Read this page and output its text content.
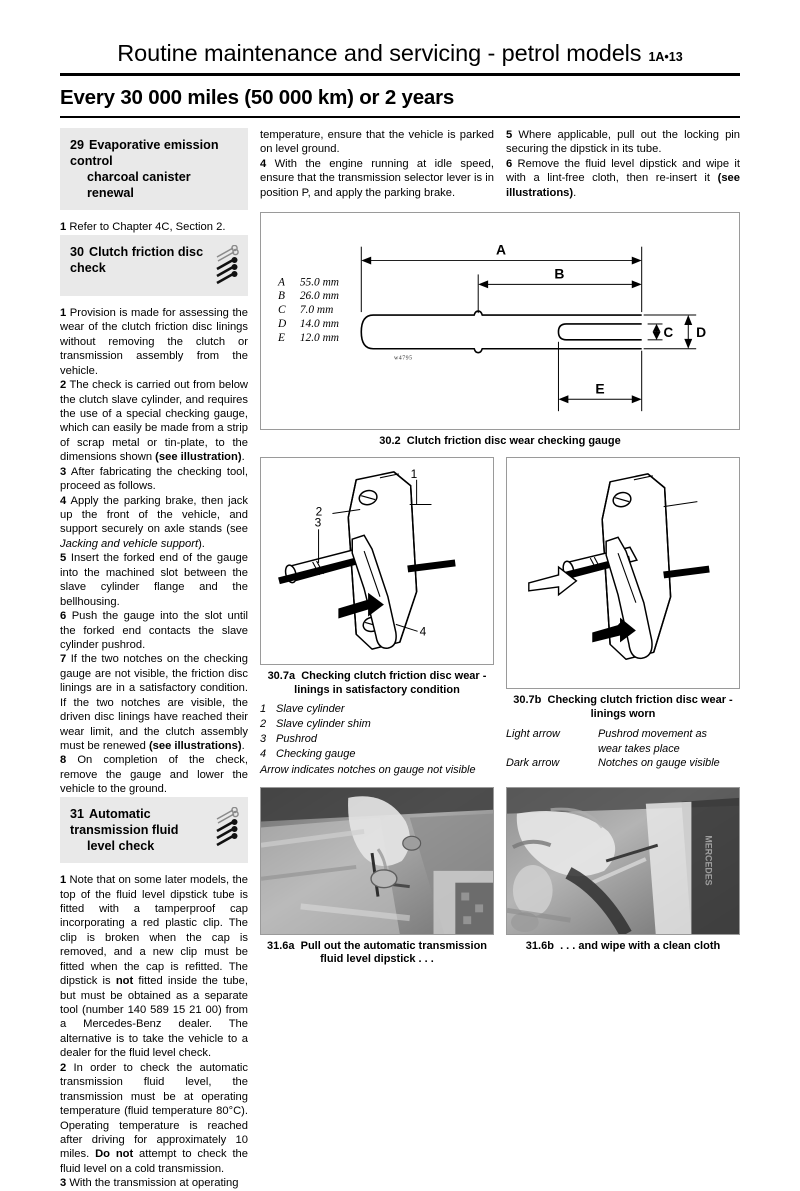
Routine maintenance and servicing - petrol models 1A•13
Every 30 000 miles (50 000 km) or 2 years
29 Evaporative emission control
charcoal canister renewal

1 Refer to Chapter 4C, Section 2.

30 Clutch friction disc check

1 Provision is made for assessing the wear of the clutch friction disc linings without removing the clutch or transmission assembly from the vehicle.

2 The check is carried out from below the clutch slave cylinder, and requires the use of a special checking gauge, which can easily be made from a strip of scrap metal or tin-plate, to the dimensions shown (see illustration).

3 After fabricating the checking tool, proceed as follows.

4 Apply the parking brake, then jack up the front of the vehicle, and support securely on axle stands (see Jacking and vehicle support).

5 Insert the forked end of the gauge into the machined slot between the slave cylinder flange and the bellhousing.

6 Push the gauge into the slot until the forked end contacts the slave cylinder pushrod.

7 If the two notches on the checking gauge are not visible, the friction disc linings are in a satisfactory condition. If the two notches are visible, the driven disc linings have reached their wear limit, and the clutch assembly must be renewed (see illustrations).

8 On completion of the check, remove the gauge and lower the vehicle to the ground.

31 Automatic transmission fluid
level check

1 Note that on some later models, the top of the fluid level dipstick tube is fitted with a tamperproof cap incorporating a red plastic clip. The clip is broken when the cap is removed, and a new clip must be fitted when the cap is refitted. The dipstick is not fitted inside the tube, but must be obtained as a separate tool (number 140 589 15 21 00) from a Mercedes-Benz dealer. The alternative is to take the vehicle to a dealer for the fluid level check.

2 In order to check the automatic transmission fluid level, the transmission must be at operating temperature (fluid temperature 80°C). Operating temperature is reached after driving for approximately 10 miles. Do not attempt to check the fluid level on a cold transmission.

3 With the transmission at operating

temperature, ensure that the vehicle is parked on level ground.

4 With the engine running at idle speed, ensure that the transmission selector lever is in position P, and apply the parking brake.

5 Where applicable, pull out the locking pin securing the dipstick in its tube.

6 Remove the fluid level dipstick and wipe it with a lint-free cloth, then re-insert it (see illustrations).

A 55.0 mm
B 26.0 mm
C 7.0 mm
D 14.0 mm
E 12.0 mm
A
B
C D
E
w4795
30.2 Clutch friction disc wear checking gauge
1
2
3
4
30.7a Checking clutch friction disc wear -
linings in satisfactory condition
1 Slave cylinder
2 Slave cylinder shim
3 Pushrod
4 Checking gauge
Arrow indicates notches on gauge not visible
30.7b Checking clutch friction disc wear -
linings worn
Light arrow	Pushrod movement as
wear takes place
Dark arrow	Notches on gauge visible
31.6a Pull out the automatic transmission
fluid level dipstick . . .
MERCEDES
31.6b . . . and wipe with a clean cloth
